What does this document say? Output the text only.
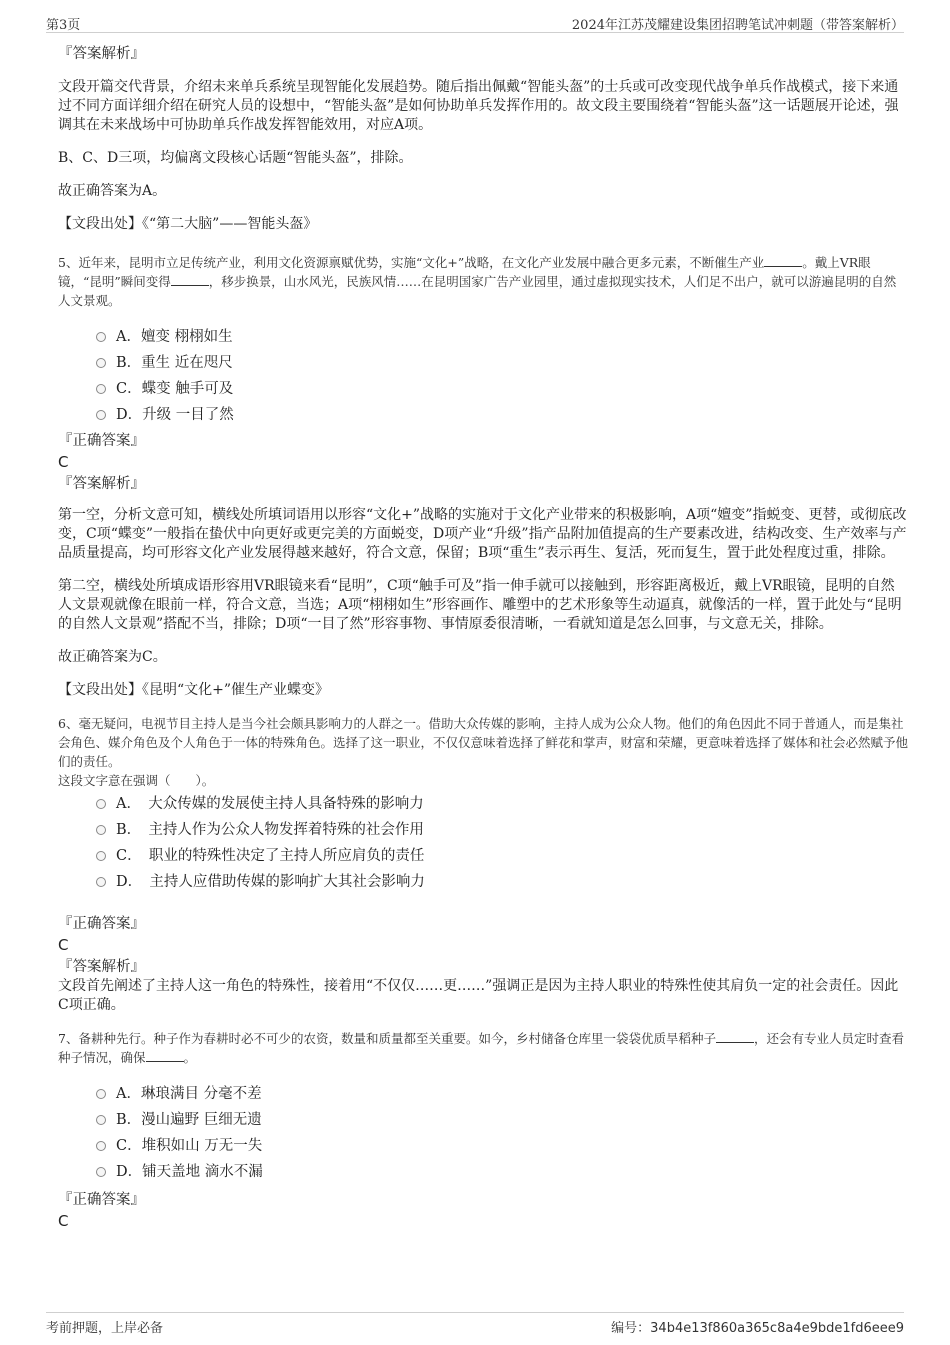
第3页	2024年江苏茂耀建设集团招聘笔试冲刺题（带答案解析）

『答案解析』

文段开篇交代背景，介绍未来单兵系统呈现智能化发展趋势。随后指出佩戴“智能头盔”的士兵或可改变现代战争单兵作战模式，接下来通过不同方面详细介绍在研究人员的设想中，“智能头盔”是如何协助单兵发挥作用的。故文段主要围绕着“智能头盔”这一话题展开论述，强调其在未来战场中可协助单兵作战发挥智能效用，对应A项。

B、C、D三项，均偏离文段核心话题“智能头盔”，排除。

故正确答案为A。

【文段出处】《“第二大脑”——智能头盔》

5、近年来，昆明市立足传统产业，利用文化资源禀赋优势，实施“文化+”战略，在文化产业发展中融合更多元素，不断催生产业	。戴上VR眼镜，“昆明”瞬间变得	，移步换景，山水风光，民族风情……在昆明国家广告产业园里，通过虚拟现实技术，人们足不出户，就可以游遍昆明的自然人文景观。

A．嬗变 栩栩如生

B．重生 近在咫尺

C．蝶变 触手可及

D．升级 一目了然

『正确答案』

C

『答案解析』

第一空，分析文意可知，横线处所填词语用以形容“文化+”战略的实施对于文化产业带来的积极影响，A项“嬗变”指蜕变、更替，或彻底改变，C项“蝶变”一般指在蛰伏中向更好或更完美的方面蜕变，D项产业“升级”指产品附加值提高的生产要素改进，结构改变、生产效率与产品质量提高，均可形容文化产业发展得越来越好，符合文意，保留；B项“重生”表示再生、复活，死而复生，置于此处程度过重，排除。

第二空，横线处所填成语形容用VR眼镜来看“昆明”，C项“触手可及”指一伸手就可以接触到，形容距离极近，戴上VR眼镜，昆明的自然人文景观就像在眼前一样，符合文意，当选；A项“栩栩如生”形容画作、雕塑中的艺术形象等生动逼真，就像活的一样，置于此处与“昆明的自然人文景观”搭配不当，排除；D项“一目了然”形容事物、事情原委很清晰，一看就知道是怎么回事，与文意无关，排除。

故正确答案为C。

【文段出处】《昆明“文化+”催生产业蝶变》

6、毫无疑问，电视节目主持人是当今社会颇具影响力的人群之一。借助大众传媒的影响，主持人成为公众人物。他们的角色因此不同于普通人，而是集社会角色、媒介角色及个人角色于一体的特殊角色。选择了这一职业，不仅仅意味着选择了鲜花和掌声，财富和荣耀，更意味着选择了媒体和社会必然赋予他们的责任。

这段文字意在强调（　　）。

A．　大众传媒的发展使主持人具备特殊的影响力

B．　主持人作为公众人物发挥着特殊的社会作用

C．　职业的特殊性决定了主持人所应肩负的责任

D．　主持人应借助传媒的影响扩大其社会影响力

『正确答案』

C

『答案解析』

文段首先阐述了主持人这一角色的特殊性，接着用“不仅仅……更……”强调正是因为主持人职业的特殊性使其肩负一定的社会责任。因此C项正确。

7、备耕种先行。种子作为春耕时必不可少的农资，数量和质量都至关重要。如今，乡村储备仓库里一袋袋优质旱稻种子	，还会有专业人员定时查看种子情况，确保	。

A．琳琅满目 分毫不差

B．漫山遍野 巨细无遗

C．堆积如山 万无一失

D．铺天盖地 滴水不漏

『正确答案』

C

考前押题，上岸必备	编号：34b4e13f860a365c8a4e9bde1fd6eee9
